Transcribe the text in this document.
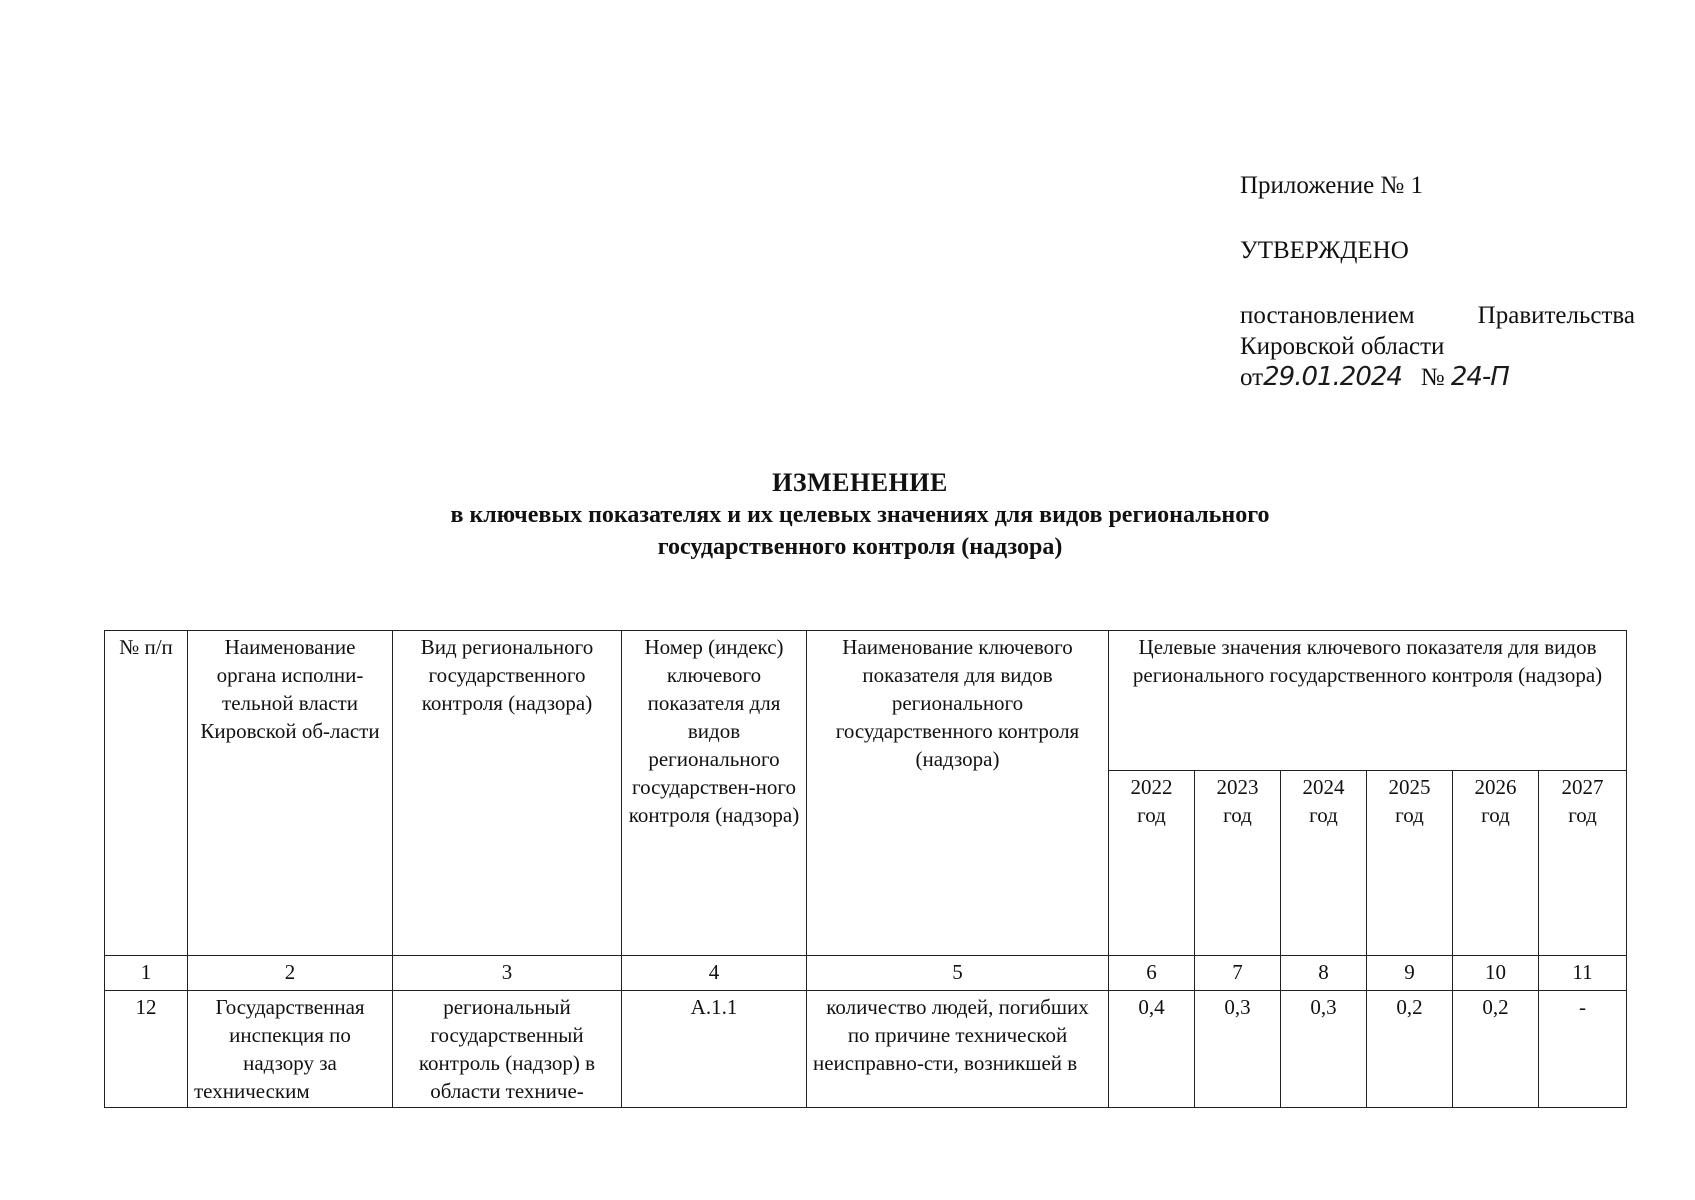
Приложение № 1
УТВЕРЖДЕНО
постановлением	Правительства
Кировской области
от29.01.2024 № 24-П
ИЗМЕНЕНИЕ
в ключевых показателях и их целевых значениях для видов регионального
государственного контроля (надзора)
№ п/п	Наименование органа исполни-тельной власти Кировской об-ласти	Вид регионального государственного контроля (надзора)	Номер (индекс) ключевого показателя для видов регионального государствен-ного контроля (надзора)	Наименование ключевого показателя для видов регионального государственного контроля (надзора)	Целевые значения ключевого показателя для видов регионального государственного контроля (надзора)					
					2022 год	2023 год	2024 год	2025 год	2026 год	2027 год
1	2	3	4	5	6	7	8	9	10	11
12	Государственная инспекция по надзору за техническим	региональный государственный контроль (надзор) в области техниче-	А.1.1	количество людей, погибших по причине технической неисправно-сти, возникшей в	0,4	0,3	0,3	0,2	0,2	-
